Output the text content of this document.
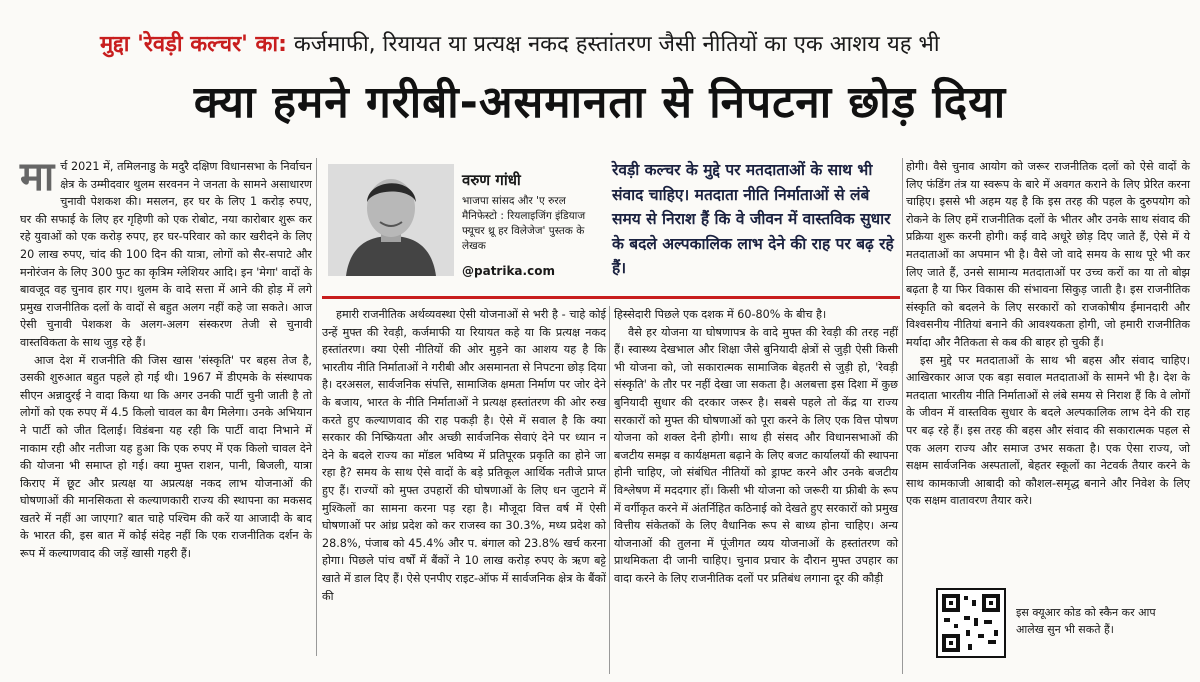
मुद्दा 'रेवड़ी कल्चर' का: कर्जमाफी, रियायत या प्रत्यक्ष नकद हस्तांतरण जैसी नीतियों का एक आशय यह भी
क्या हमने गरीबी-असमानता से निपटना छोड़ दिया
मा र्च 2021 में, तमिलनाडु के मदुरै दक्षिण विधानसभा के निर्वाचन क्षेत्र के उम्मीदवार थुलम सरवनन ने जनता के सामने असाधारण चुनावी पेशकश की। मसलन, हर घर के लिए 1 करोड़ रुपए, घर की सफाई के लिए हर गृहिणी को एक रोबोट, नया कारोबार शुरू कर रहे युवाओं को एक करोड़ रुपए, हर घर-परिवार को कार खरीदने के लिए 20 लाख रुपए, चांद की 100 दिन की यात्रा, लोगों को सैर-सपाटे और मनोरंजन के लिए 300 फुट का कृत्रिम ग्लेशियर आदि। इन 'मेगा' वादों के बावजूद वह चुनाव हार गए। थुलम के वादे सत्ता में आने की होड़ में लगे प्रमुख राजनीतिक दलों के वादों से बहुत अलग नहीं कहे जा सकते। आज ऐसी चुनावी पेशकश के अलग-अलग संस्करण तेजी से चुनावी वास्तविकता के साथ जुड़ रहे हैं।
आज देश में राजनीति की जिस खास 'संस्कृति' पर बहस तेज है, उसकी शुरुआत बहुत पहले हो गई थी। 1967 में डीएमके के संस्थापक सीएन अन्नादुरई ने वादा किया था कि अगर उनकी पार्टी चुनी जाती है तो लोगों को एक रुपए में 4.5 किलो चावल का बैग मिलेगा। उनके अभियान ने पार्टी को जीत दिलाई। विडंबना यह रही कि पार्टी वादा निभाने में नाकाम रही और नतीजा यह हुआ कि एक रुपए में एक किलो चावल देने की योजना भी समाप्त हो गई। क्या मुफ्त राशन, पानी, बिजली, यात्रा किराए में छूट और प्रत्यक्ष या अप्रत्यक्ष नकद लाभ योजनाओं की घोषणाओं की मानसिकता से कल्याणकारी राज्य की स्थापना का मकसद खतरे में नहीं आ जाएगा? बात चाहे पश्चिम की करें या आजादी के बाद के भारत की, इस बात में कोई संदेह नहीं कि एक राजनीतिक दर्शन के रूप में कल्याणवाद की जड़ें खासी गहरी हैं।
वरुण गांधी
भाजपा सांसद और 'ए रुरल मैनिफेस्टो : रियलाइजिंग इंडियाज फ्यूचर थ्रू हर विलेजेज' पुस्तक के लेखक
@patrika.com
रेवड़ी कल्चर के मुद्दे पर मतदाताओं के साथ भी संवाद चाहिए। मतदाता नीति निर्माताओं से लंबे समय से निराश हैं कि वे जीवन में वास्तविक सुधार के बदले अल्पकालिक लाभ देने की राह पर बढ़ रहे हैं।
हमारी राजनीतिक अर्थव्यवस्था ऐसी योजनाओं से भरी है - चाहे कोई उन्हें मुफ्त की रेवड़ी, कर्जमाफी या रियायत कहे या कि प्रत्यक्ष नकद हस्तांतरण। क्या ऐसी नीतियों की ओर मुड़ने का आशय यह है कि भारतीय नीति निर्माताओं ने गरीबी और असमानता से निपटना छोड़ दिया है। दरअसल, सार्वजनिक संपत्ति, सामाजिक क्षमता निर्माण पर जोर देने के बजाय, भारत के नीति निर्माताओं ने प्रत्यक्ष हस्तांतरण की ओर रुख करते हुए कल्याणवाद की राह पकड़ी है। ऐसे में सवाल है कि क्या सरकार की निष्क्रियता और अच्छी सार्वजनिक सेवाएं देने पर ध्यान न देने के बदले राज्य का मॉडल भविष्य में प्रतिपूरक प्रकृति का होने जा रहा है? समय के साथ ऐसे वादों के बड़े प्रतिकूल आर्थिक नतीजे प्राप्त हुए हैं। राज्यों को मुफ्त उपहारों की घोषणाओं के लिए धन जुटाने में मुश्किलों का सामना करना पड़ रहा है। मौजूदा वित्त वर्ष में ऐसी घोषणाओं पर आंध्र प्रदेश को कर राजस्व का 30.3%, मध्य प्रदेश को 28.8%, पंजाब को 45.4% और प. बंगाल को 23.8% खर्च करना होगा। पिछले पांच वर्षों में बैंकों ने 10 लाख करोड़ रुपए के ऋण बट्टे खाते में डाल दिए हैं। ऐसे एनपीए राइट-ऑफ में सार्वजनिक क्षेत्र के बैंकों की
हिस्सेदारी पिछले एक दशक में 60-80% के बीच है।
वैसे हर योजना या घोषणापत्र के वादे मुफ्त की रेवड़ी की तरह नहीं हैं। स्वास्थ्य देखभाल और शिक्षा जैसे बुनियादी क्षेत्रों से जुड़ी ऐसी किसी भी योजना को, जो सकारात्मक सामाजिक बेहतरी से जुड़ी हो, 'रेवड़ी संस्कृति' के तौर पर नहीं देखा जा सकता है। अलबत्ता इस दिशा में कुछ बुनियादी सुधार की दरकार जरूर है। सबसे पहले तो केंद्र या राज्य सरकारों को मुफ्त की घोषणाओं को पूरा करने के लिए एक वित्त पोषण योजना को शक्ल देनी होगी। साथ ही संसद और विधानसभाओं की बजटीय समझ व कार्यक्षमता बढ़ाने के लिए बजट कार्यालयों की स्थापना होनी चाहिए, जो संबंधित नीतियों को ड्राफ्ट करने और उनके बजटीय विश्लेषण में मददगार हों। किसी भी योजना को जरूरी या फ्रीबी के रूप में वर्गीकृत करने में अंतर्निहित कठिनाई को देखते हुए सरकारों को प्रमुख वित्तीय संकेतकों के लिए वैधानिक रूप से बाध्य होना चाहिए। अन्य योजनाओं की तुलना में पूंजीगत व्यय योजनाओं के हस्तांतरण को प्राथमिकता दी जानी चाहिए। चुनाव प्रचार के दौरान मुफ्त उपहार का वादा करने के लिए राजनीतिक दलों पर प्रतिबंध लगाना दूर की कौड़ी
होगी। वैसे चुनाव आयोग को जरूर राजनीतिक दलों को ऐसे वादों के लिए फंडिंग तंत्र या स्वरूप के बारे में अवगत कराने के लिए प्रेरित करना चाहिए। इससे भी अहम यह है कि इस तरह की पहल के दुरुपयोग को रोकने के लिए हमें राजनीतिक दलों के भीतर और उनके साथ संवाद की प्रक्रिया शुरू करनी होगी। कई वादे अधूरे छोड़ दिए जाते हैं, ऐसे में ये मतदाताओं का अपमान भी है। वैसे जो वादे समय के साथ पूरे भी कर लिए जाते हैं, उनसे सामान्य मतदाताओं पर उच्च करों का या तो बोझ बढ़ता है या फिर विकास की संभावना सिकुड़ जाती है। इस राजनीतिक संस्कृति को बदलने के लिए सरकारों को राजकोषीय ईमानदारी और विश्वसनीय नीतियां बनाने की आवश्यकता होगी, जो हमारी राजनीतिक मर्यादा और नैतिकता से कब की बाहर हो चुकी हैं।
इस मुद्दे पर मतदाताओं के साथ भी बहस और संवाद चाहिए। आखिरकार आज एक बड़ा सवाल मतदाताओं के सामने भी है। देश के मतदाता भारतीय नीति निर्माताओं से लंबे समय से निराश हैं कि वे लोगों के जीवन में वास्तविक सुधार के बदले अल्पकालिक लाभ देने की राह पर बढ़ रहे हैं। इस तरह की बहस और संवाद की सकारात्मक पहल से एक अलग राज्य और समाज उभर सकता है। एक ऐसा राज्य, जो सक्षम सार्वजनिक अस्पतालों, बेहतर स्कूलों का नेटवर्क तैयार करने के साथ कामकाजी आबादी को कौशल-समृद्ध बनाने और निवेश के लिए एक सक्षम वातावरण तैयार करे।
इस क्यूआर कोड को स्कैन कर आप आलेख सुन भी सकते हैं।
